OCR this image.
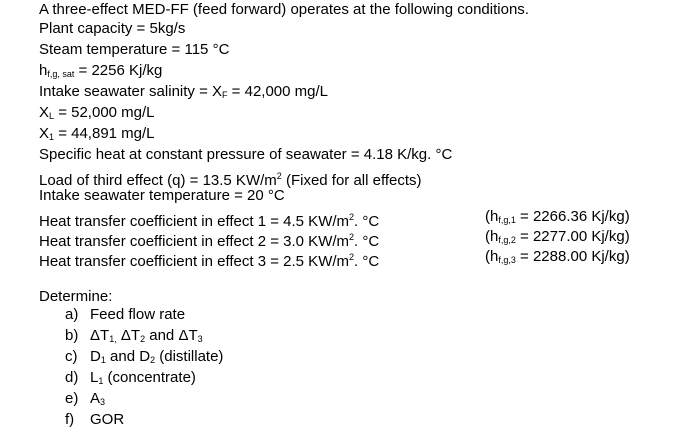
A three-effect MED-FF (feed forward) operates at the following conditions.
Plant capacity = 5kg/s
Steam temperature = 115 °C
$h_{f,g, sat} = 2256$ Kj/kg
Intake seawater salinity = $X_F = 42,000$ mg/L
$X_L = 52,000$ mg/L
$X_1 = 44,891$ mg/L
Specific heat at constant pressure of seawater = 4.18 K/kg. °C
Load of third effect (q) = 13.5 $KW/m^2$ (Fixed for all effects)
Intake seawater temperature = 20 °C
Heat transfer coefficient in effect 1 = 4.5 $KW/m^2$. °C
Heat transfer coefficient in effect 2 = 3.0 $KW/m^2$. °C
Heat transfer coefficient in effect 3 = 2.5 $KW/m^2$. °C
($h_{f,g,1} = 2266.36$ Kj/kg)
($h_{f,g,2} = 2277.00$ Kj/kg)
($h_{f,g,3} = 2288.00$ Kj/kg)
Determine:
a) Feed flow rate
b) $\Delta T_{1,}$ $\Delta T_2$ and $\Delta T_3$
c) $D_1$ and $D_2$ (distillate)
d) $L_1$ (concentrate)
e) $A_3$
f) GOR
